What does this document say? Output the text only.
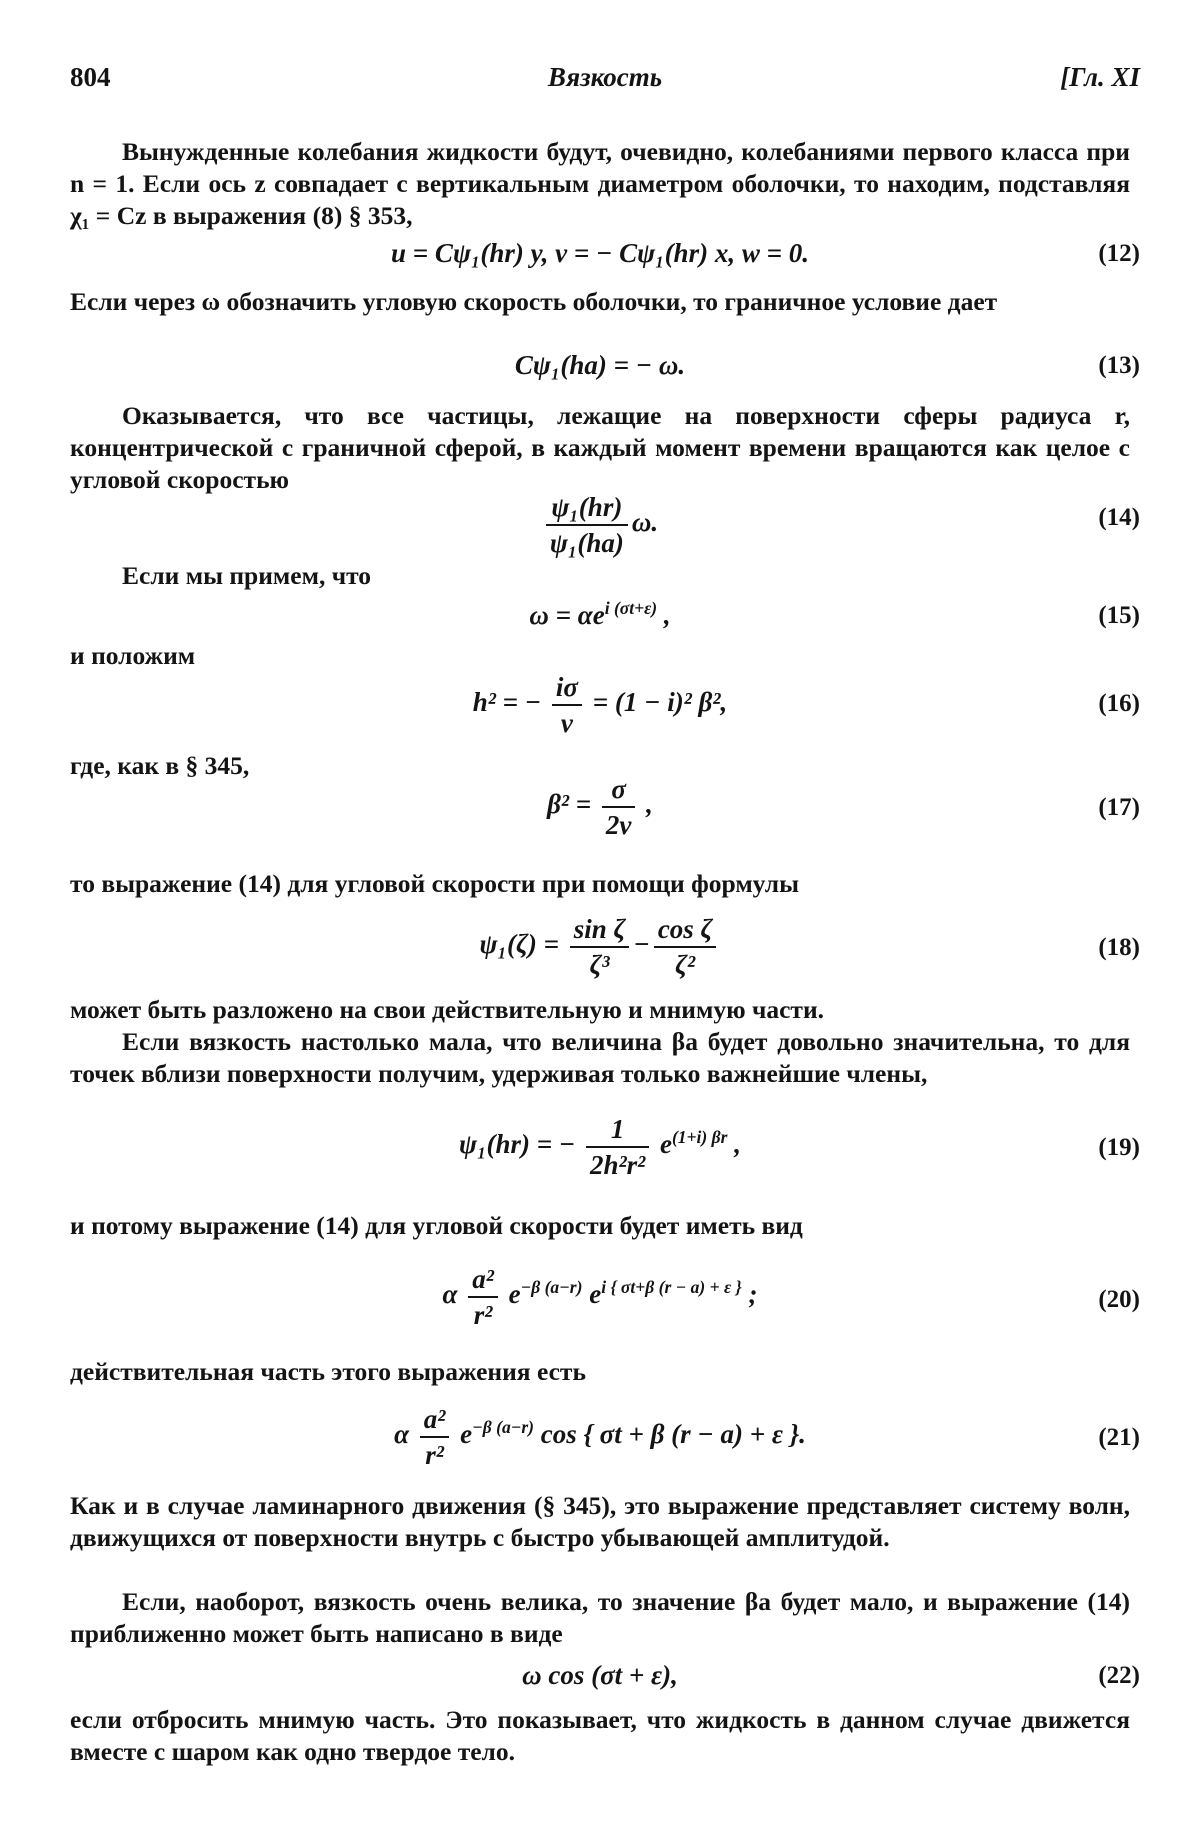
804	Вязкость	[Гл. XI

Вынужденные колебания жидкости будут, очевидно, колебаниями первого класса при n = 1. Если ось z совпадает с вертикальным диаметром оболочки, то находим, подставляя χ₁ = Cz в выражения (8) § 353,

u = Cψ₁(hr) y, v = − Cψ₁(hr) x, w = 0.	(12)

Если через ω обозначить угловую скорость оболочки, то граничное условие дает

Cψ₁(ha) = − ω.	(13)

Оказывается, что все частицы, лежащие на поверхности сферы радиуса r, концентрической с граничной сферой, в каждый момент времени вращаются как целое с угловой скоростью

$\frac{\text{ψ₁(hr)}}{\text{ψ₁(ha)}} \omega$.	(14)

Если мы примем, что

$\omega = \alpha e^{i (\sigma t+\varepsilon)}$ ,	(15)

и положим

h² = − $\frac{i\sigma}{\nu} = (1 - i)^2$ β²,	(16)

где, как в § 345,

$\beta^2 = \frac{\sigma}{2\nu}$ ,	(17)

то выражение (14) для угловой скорости при помощи формулы

$\psi_1(\zeta) = \frac{\text{sin ζ}}{\text{ζ³}} - \frac{\text{cos ζ}}{\text{ζ²}}$	(18)

может быть разложено на свои действительную и мнимую части.

Если вязкость настолько мала, что величина βa будет довольно значительна, то для точек вблизи поверхности получим, удерживая только важнейшие члены,

ψ₁(hr) = − $\frac{1}{\text{2h²r²}} e^{(1+i) \beta r}$ ,	(19)

и потому выражение (14) для угловой скорости будет иметь вид

α $\frac{\text{a²}}{\text{r²}} e^{-\beta (a-r)}$ $e^{i \{ \sigma t+\beta (r - a) + \varepsilon \}}$ ;	(20)

действительная часть этого выражения есть

α $\frac{\text{a²}}{\text{r²}} e^{-\beta (a-r)}$ cos { σt + β (r − a) + ε }.	(21)

Как и в случае ламинарного движения (§ 345), это выражение представляет систему волн, движущихся от поверхности внутрь с быстро убывающей амплитудой.

Если, наоборот, вязкость очень велика, то значение βa будет мало, и выражение (14) приближенно может быть написано в виде

ω cos (σt + ε),	(22)

если отбросить мнимую часть. Это показывает, что жидкость в данном случае движется вместе с шаром как одно твердое тело.
